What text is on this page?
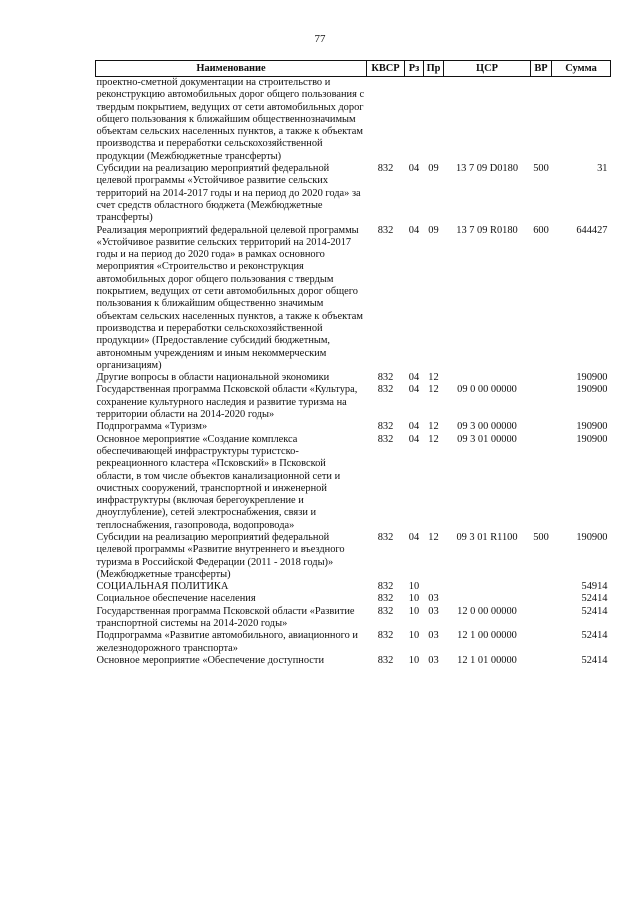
77
Наименование	КВСР	Рз	Пр	ЦСР	ВР	Сумма
проектно-сметной документации на строительство и реконструкцию автомобильных дорог общего пользования с твердым покрытием, ведущих от сети автомобильных дорог общего пользования к ближайшим общественнозначимым объектам сельских населенных пунктов, а также к объектам производства и переработки сельскохозяйственной продукции (Межбюджетные трансферты)						
Субсидии на реализацию мероприятий федеральной целевой программы «Устойчивое развитие сельских территорий на 2014-2017 годы и на период до 2020 года» за счет средств областного бюджета (Межбюджетные трансферты)	832	04	09	13 7 09 D0180	500	31
Реализация мероприятий федеральной целевой программы «Устойчивое развитие сельских территорий на 2014-2017 годы и на период до 2020 года» в рамках основного мероприятия «Строительство и реконструкция автомобильных дорог общего пользования с твердым покрытием, ведущих от сети автомобильных дорог общего пользования к ближайшим общественно значимым объектам сельских населенных пунктов, а также к объектам производства и переработки сельскохозяйственной продукции» (Предоставление субсидий бюджетным, автономным учреждениям и иным некоммерческим организациям)	832	04	09	13 7 09 R0180	600	644427
Другие вопросы в области национальной экономики	832	04	12			190900
Государственная программа Псковской области «Культура, сохранение культурного наследия и развитие туризма на территории области на 2014-2020 годы»	832	04	12	09 0 00 00000		190900
Подпрограмма «Туризм»	832	04	12	09 3 00 00000		190900
Основное мероприятие «Создание комплекса обеспечивающей инфраструктуры туристско-рекреационного кластера «Псковский» в Псковской области, в том числе объектов канализационной сети и очистных сооружений, транспортной и инженерной инфраструктуры (включая берегоукрепление и дноуглубление), сетей электроснабжения, связи и теплоснабжения, газопровода, водопровода»	832	04	12	09 3 01 00000		190900
Субсидии на реализацию мероприятий федеральной целевой программы «Развитие внутреннего и въездного туризма в Российской Федерации (2011 - 2018 годы)» (Межбюджетные трансферты)	832	04	12	09 3 01 R1100	500	190900
СОЦИАЛЬНАЯ ПОЛИТИКА	832	10				54914
Социальное обеспечение населения	832	10	03			52414
Государственная программа Псковской области «Развитие транспортной системы на 2014-2020 годы»	832	10	03	12 0 00 00000		52414
Подпрограмма «Развитие автомобильного, авиационного и железнодорожного транспорта»	832	10	03	12 1 00 00000		52414
Основное мероприятие «Обеспечение доступности	832	10	03	12 1 01 00000		52414
